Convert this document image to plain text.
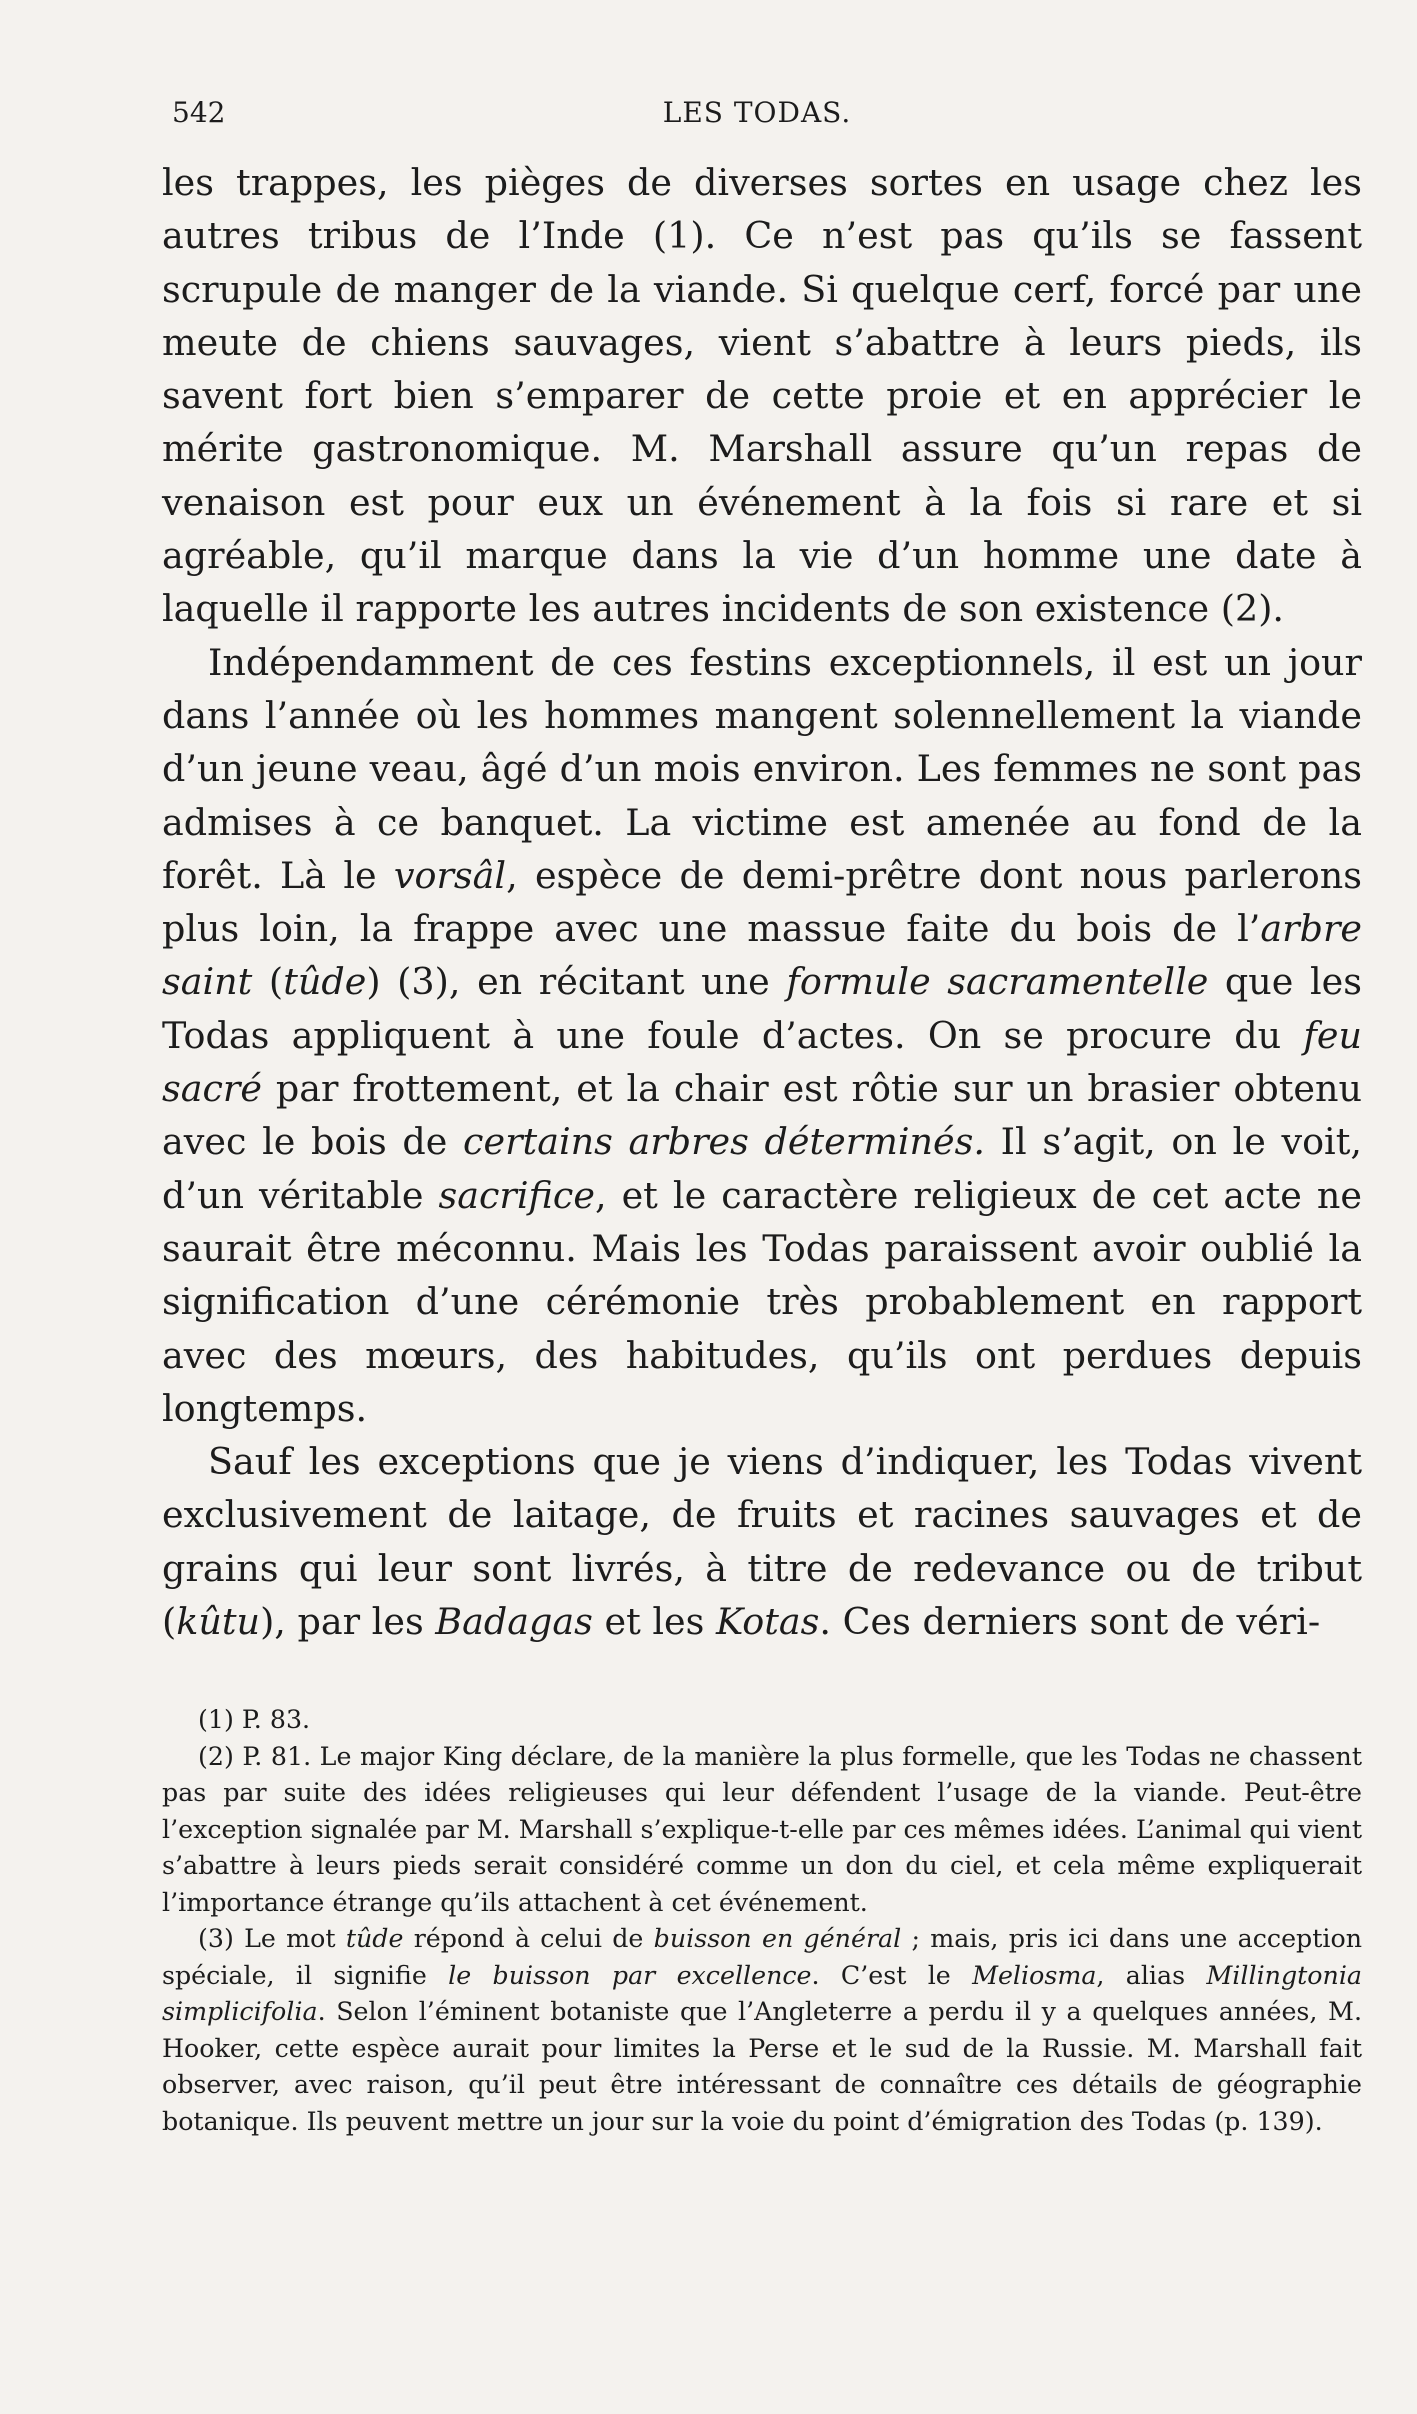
542	LES TODAS.

les trappes, les pièges de diverses sortes en usage chez les autres tribus de l’Inde (1). Ce n’est pas qu’ils se fassent scrupule de manger de la viande. Si quelque cerf, forcé par une meute de chiens sauvages, vient s’abattre à leurs pieds, ils savent fort bien s’emparer de cette proie et en apprécier le mérite gastronomique. M. Marshall assure qu’un repas de venaison est pour eux un événement à la fois si rare et si agréable, qu’il marque dans la vie d’un homme une date à laquelle il rapporte les autres incidents de son existence (2).

Indépendamment de ces festins exceptionnels, il est un jour dans l’année où les hommes mangent solennellement la viande d’un jeune veau, âgé d’un mois environ. Les femmes ne sont pas admises à ce banquet. La victime est amenée au fond de la forêt. Là le vorsâl, espèce de demi-prêtre dont nous parlerons plus loin, la frappe avec une massue faite du bois de l’arbre saint (tûde) (3), en récitant une formule sacramentelle que les Todas appliquent à une foule d’actes. On se procure du feu sacré par frottement, et la chair est rôtie sur un brasier obtenu avec le bois de certains arbres déterminés. Il s’agit, on le voit, d’un véritable sacrifice, et le caractère religieux de cet acte ne saurait être méconnu. Mais les Todas paraissent avoir oublié la signification d’une cérémonie très probablement en rapport avec des mœurs, des habitudes, qu’ils ont perdues depuis longtemps.

Sauf les exceptions que je viens d’indiquer, les Todas vivent exclusivement de laitage, de fruits et racines sauvages et de grains qui leur sont livrés, à titre de redevance ou de tribut (kûtu), par les Badagas et les Kotas. Ces derniers sont de véri-

(1) P. 83.

(2) P. 81. Le major King déclare, de la manière la plus formelle, que les Todas ne chassent pas par suite des idées religieuses qui leur défendent l’usage de la viande. Peut-être l’exception signalée par M. Marshall s’explique-t-elle par ces mêmes idées. L’animal qui vient s’abattre à leurs pieds serait considéré comme un don du ciel, et cela même expliquerait l’importance étrange qu’ils attachent à cet événement.

(3) Le mot tûde répond à celui de buisson en général ; mais, pris ici dans une acception spéciale, il signifie le buisson par excellence. C’est le Meliosma, alias Millingtonia simplicifolia. Selon l’éminent botaniste que l’Angleterre a perdu il y a quelques années, M. Hooker, cette espèce aurait pour limites la Perse et le sud de la Russie. M. Marshall fait observer, avec raison, qu’il peut être intéressant de connaître ces détails de géographie botanique. Ils peuvent mettre un jour sur la voie du point d’émigration des Todas (p. 139).
